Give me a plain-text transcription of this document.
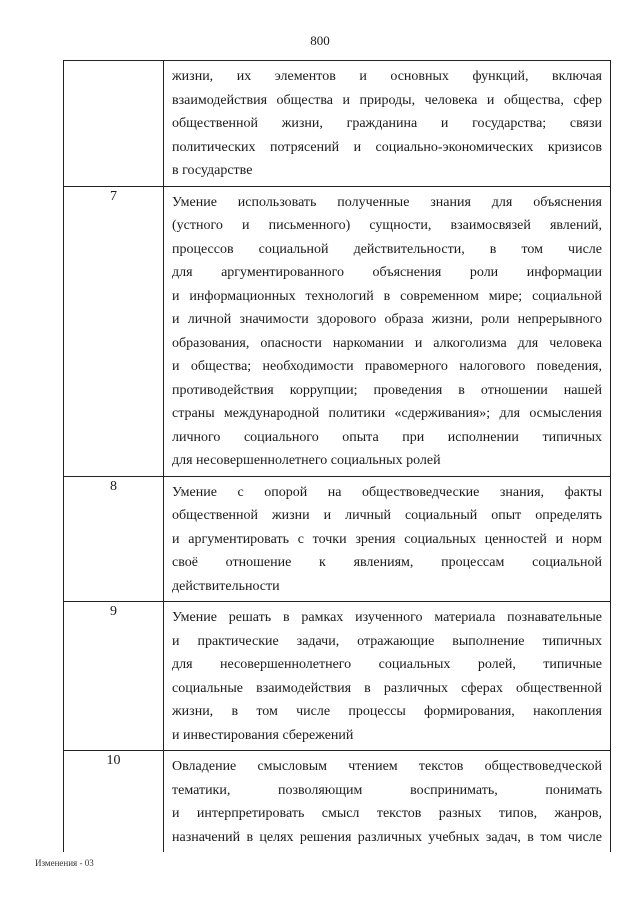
800
жизни, их элементов и основных функций, включая
взаимодействия общества и природы, человека и общества, сфер
общественной жизни, гражданина и государства; связи
политических потрясений и социально-экономических кризисов
в государстве
7	Умение использовать полученные знания для объяснения
(устного и письменного) сущности, взаимосвязей явлений,
процессов социальной действительности, в том числе
для аргументированного объяснения роли информации
и информационных технологий в современном мире; социальной
и личной значимости здорового образа жизни, роли непрерывного
образования, опасности наркомании и алкоголизма для человека
и общества; необходимости правомерного налогового поведения,
противодействия коррупции; проведения в отношении нашей
страны международной политики «сдерживания»; для осмысления
личного социального опыта при исполнении типичных
для несовершеннолетнего социальных ролей
8	Умение с опорой на обществоведческие знания, факты
общественной жизни и личный социальный опыт определять
и аргументировать с точки зрения социальных ценностей и норм
своё отношение к явлениям, процессам социальной
действительности
9	Умение решать в рамках изученного материала познавательные
и практические задачи, отражающие выполнение типичных
для несовершеннолетнего социальных ролей, типичные
социальные взаимодействия в различных сферах общественной
жизни, в том числе процессы формирования, накопления
и инвестирования сбережений
10	Овладение смысловым чтением текстов обществоведческой
тематики, позволяющим воспринимать, понимать
и интерпретировать смысл текстов разных типов, жанров,
назначений в целях решения различных учебных задач, в том числе
Изменения - 03
